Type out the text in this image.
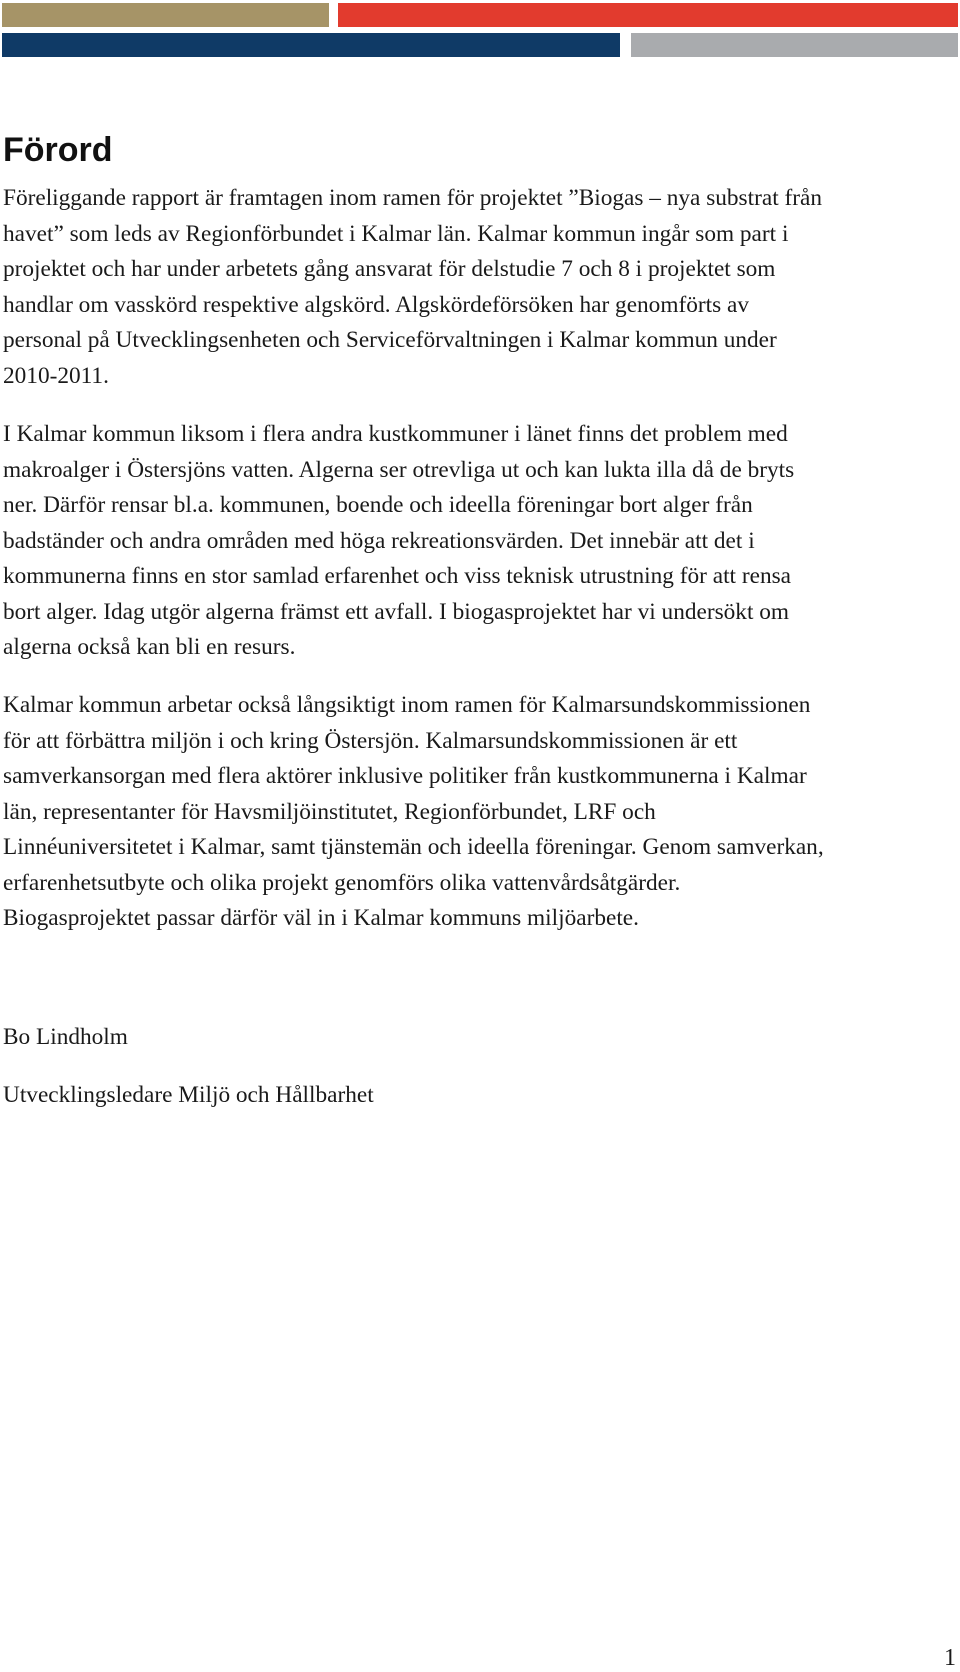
Förord

Föreliggande rapport är framtagen inom ramen för projektet ”Biogas – nya substrat från
havet” som leds av Regionförbundet i Kalmar län. Kalmar kommun ingår som part i
projektet och har under arbetets gång ansvarat för delstudie 7 och 8 i projektet som
handlar om vasskörd respektive algskörd. Algskördeförsöken har genomförts av
personal på Utvecklingsenheten och Serviceförvaltningen i Kalmar kommun under
2010-2011.

I Kalmar kommun liksom i flera andra kustkommuner i länet finns det problem med
makroalger i Östersjöns vatten. Algerna ser otrevliga ut och kan lukta illa då de bryts
ner. Därför rensar bl.a. kommunen, boende och ideella föreningar bort alger från
badständer och andra områden med höga rekreationsvärden. Det innebär att det i
kommunerna finns en stor samlad erfarenhet och viss teknisk utrustning för att rensa
bort alger. Idag utgör algerna främst ett avfall. I biogasprojektet har vi undersökt om
algerna också kan bli en resurs.

Kalmar kommun arbetar också långsiktigt inom ramen för Kalmarsundskommissionen
för att förbättra miljön i och kring Östersjön. Kalmarsundskommissionen är ett
samverkansorgan med flera aktörer inklusive politiker från kustkommunerna i Kalmar
län, representanter för Havsmiljöinstitutet, Regionförbundet, LRF och
Linnéuniversitetet i Kalmar, samt tjänstemän och ideella föreningar. Genom samverkan,
erfarenhetsutbyte och olika projekt genomförs olika vattenvårdsåtgärder.
Biogasprojektet passar därför väl in i Kalmar kommuns miljöarbete.

Bo Lindholm

Utvecklingsledare Miljö och Hållbarhet

1
